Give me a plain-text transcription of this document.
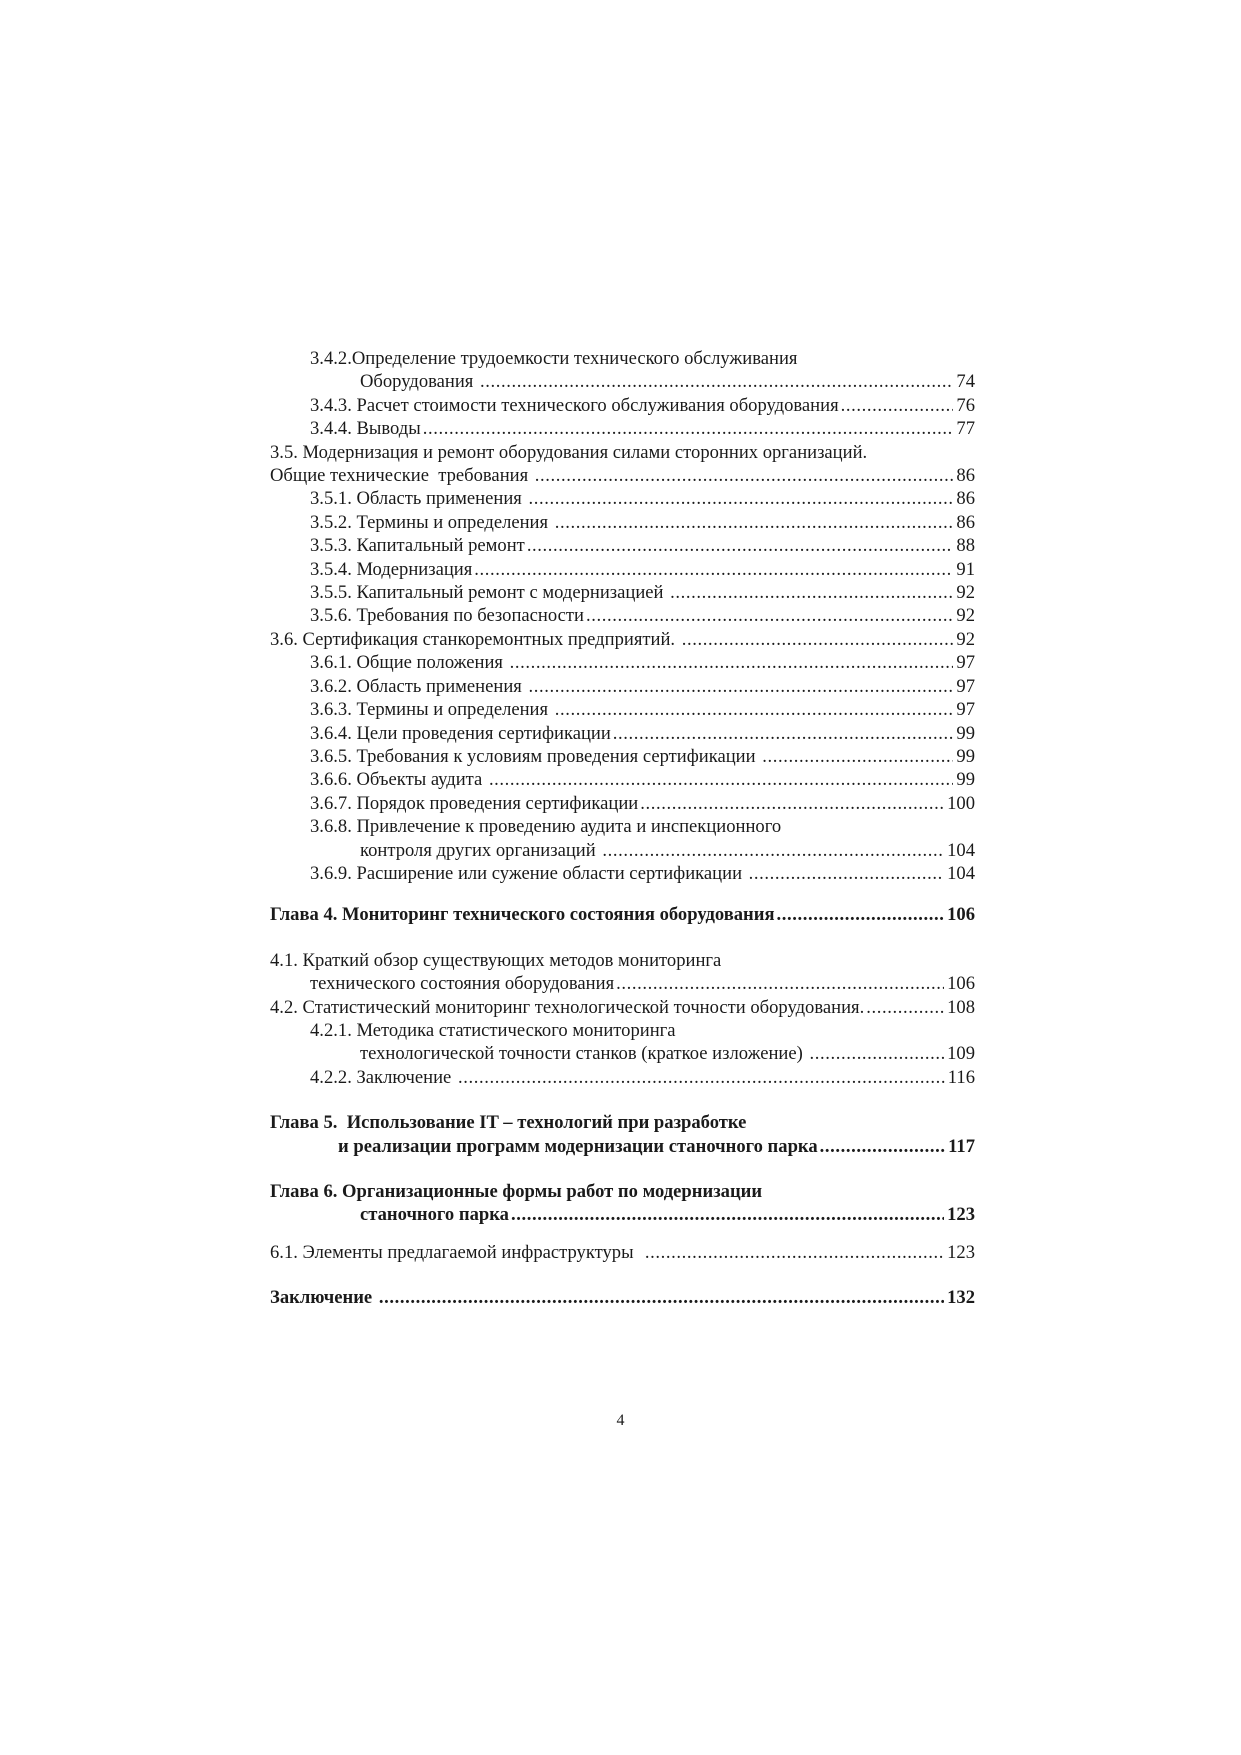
3.4.2.Определение трудоемкости технического обслуживания
Оборудования .....	74
3.4.3. Расчет стоимости технического обслуживания оборудования .....	76
3.4.4. Выводы .....	77
3.5. Модернизация и ремонт оборудования силами сторонних организаций.
Общие технические  требования .....	86
3.5.1. Область применения .....	86
3.5.2. Термины и определения .....	86
3.5.3. Капитальный ремонт .....	88
3.5.4. Модернизация .....	91
3.5.5. Капитальный ремонт с модернизацией .....	92
3.5.6. Требования по безопасности .....	92
3.6. Сертификация станкоремонтных предприятий. .....	92
3.6.1. Общие положения .....	97
3.6.2. Область применения .....	97
3.6.3. Термины и определения .....	97
3.6.4. Цели проведения сертификации .....	99
3.6.5. Требования к условиям проведения сертификации .....	99
3.6.6. Объекты аудита .....	99
3.6.7. Порядок проведения сертификации .....	100
3.6.8. Привлечение к проведению аудита и инспекционного
контроля других организаций .....	104
3.6.9. Расширение или сужение области сертификации .....	104
Глава 4. Мониторинг технического состояния оборудования .....	106
4.1. Краткий обзор существующих методов мониторинга
технического состояния оборудования .....	106
4.2. Статистический мониторинг технологической точности оборудования. .....	108
4.2.1. Методика статистического мониторинга
технологической точности станков (краткое изложение) .....	109
4.2.2. Заключение .....	116
Глава 5.  Использование IT – технологий при разработке
и реализации программ модернизации станочного парка .....	117
Глава 6. Организационные формы работ по модернизации
станочного парка .....	123
6.1. Элементы предлагаемой инфраструктуры .....	123
Заключение .....	132
4
